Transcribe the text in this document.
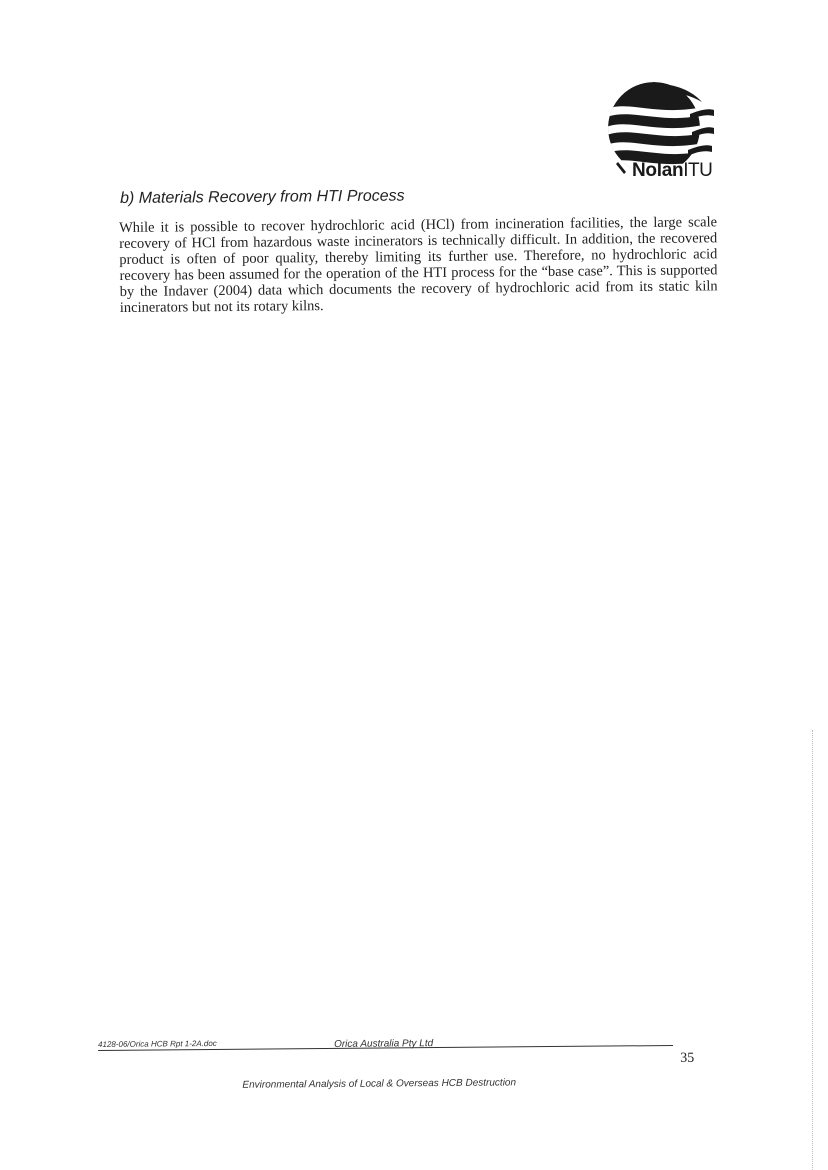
NolanITU
b) Materials Recovery from HTI Process
While it is possible to recover hydrochloric acid (HCl) from incineration facilities, the large scale recovery of HCl from hazardous waste incinerators is technically difficult. In addition, the recovered product is often of poor quality, thereby limiting its further use. Therefore, no hydrochloric acid recovery has been assumed for the operation of the HTI process for the “base case”. This is supported by the Indaver (2004) data which documents the recovery of hydrochloric acid from its static kiln incinerators but not its rotary kilns.
4128-06/Orica HCB Rpt 1-2A.doc	Orica Australia Pty Ltd
35
Environmental Analysis of Local & Overseas HCB Destruction
